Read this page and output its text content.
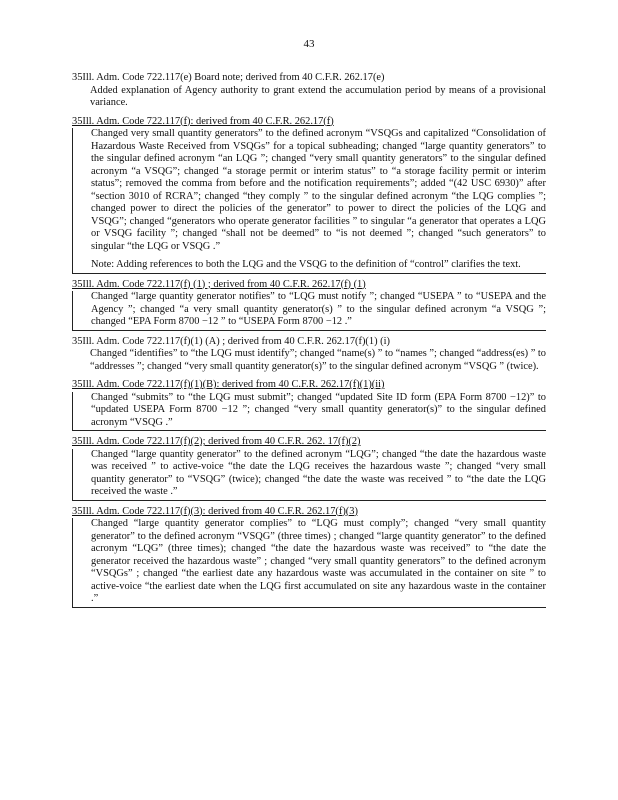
43
35Ill. Adm. Code 722.117(e) Board note; derived from 40 C.F.R. 262.17(e)

Added explanation of Agency authority to grant extend the accumulation period by means of a provisional variance.

35Ill. Adm. Code 722.117(f): derived from 40 C.F.R. 262.17(f)

Changed very small quantity generators” to the defined acronym “VSQGs and capitalized “Consolidation of Hazardous Waste Received from VSQGs” for a topical subheading; changed “large quantity generators” to the singular defined acronym “an LQG ”; changed “very small quantity generators” to the singular defined acronym “a VSQG”; changed “a storage permit or interim status” to “a storage facility permit or interim status”; removed the comma from before and the notification requirements”; added “(42 USC 6930)” after “section 3010 of RCRA”; changed “they comply ” to the singular defined acronym “the LQG complies ”; changed power to direct the policies of the generator” to power to direct the policies of the LQG and VSQG”; changed “generators who operate generator facilities ” to singular “a generator that operates a LQG or VSQG facility ”; changed “shall not be deemed” to “is not deemed ”; changed “such generators” to singular “the LQG or VSQG .”

Note: Adding references to both the LQG and the VSQG to the definition of “control” clarifies the text.

35Ill. Adm. Code 722.117(f) (1) ; derived from 40 C.F.R. 262.17(f) (1)

Changed “large quantity generator notifies” to “LQG must notify ”; changed “USEPA ” to “USEPA and the Agency ”; changed “a very small quantity generator(s) ” to the singular defined acronym “a VSQG ”; changed “EPA Form 8700 −12 ” to “USEPA Form 8700 −12 .”

35Ill. Adm. Code 722.117(f)(1) (A) ; derived from 40 C.F.R. 262.17(f)(1) (i)

Changed “identifies” to “the LQG must identify”; changed “name(s) ” to “names ”; changed “address(es) ” to “addresses ”; changed “very small quantity generator(s)” to the singular defined acronym “VSQG ” (twice).

35Ill. Adm. Code 722.117(f)(1)(B): derived from 40 C.F.R. 262.17(f)(1)(ii)

Changed “submits” to “the LQG must submit”; changed “updated Site ID form (EPA Form 8700 −12)” to “updated USEPA Form 8700 −12 ”; changed “very small quantity generator(s)” to the singular defined acronym “VSQG .”

35Ill. Adm. Code 722.117(f)(2); derived from 40 C.F.R. 262. 17(f)(2)

Changed “large quantity generator” to the defined acronym “LQG”; changed “the date the hazardous waste was received ” to active-voice “the date the LQG receives the hazardous waste ”; changed “very small quantity generator” to “VSQG” (twice); changed “the date the waste was received ” to “the date the LQG received the waste .”

35Ill. Adm. Code 722.117(f)(3): derived from 40 C.F.R. 262.17(f)(3)

Changed “large quantity generator complies” to “LQG must comply”; changed “very small quantity generator” to the defined acronym “VSQG” (three times) ; changed “large quantity generator” to the defined acronym “LQG” (three times); changed “the date the hazardous waste was received” to “the date the generator received the hazardous waste” ; changed “very small quantity generators” to the defined acronym “VSQGs” ; changed “the earliest date any hazardous waste was accumulated in the container on site ” to active-voice “the earliest date when the LQG first accumulated on site any hazardous waste in the container .”
